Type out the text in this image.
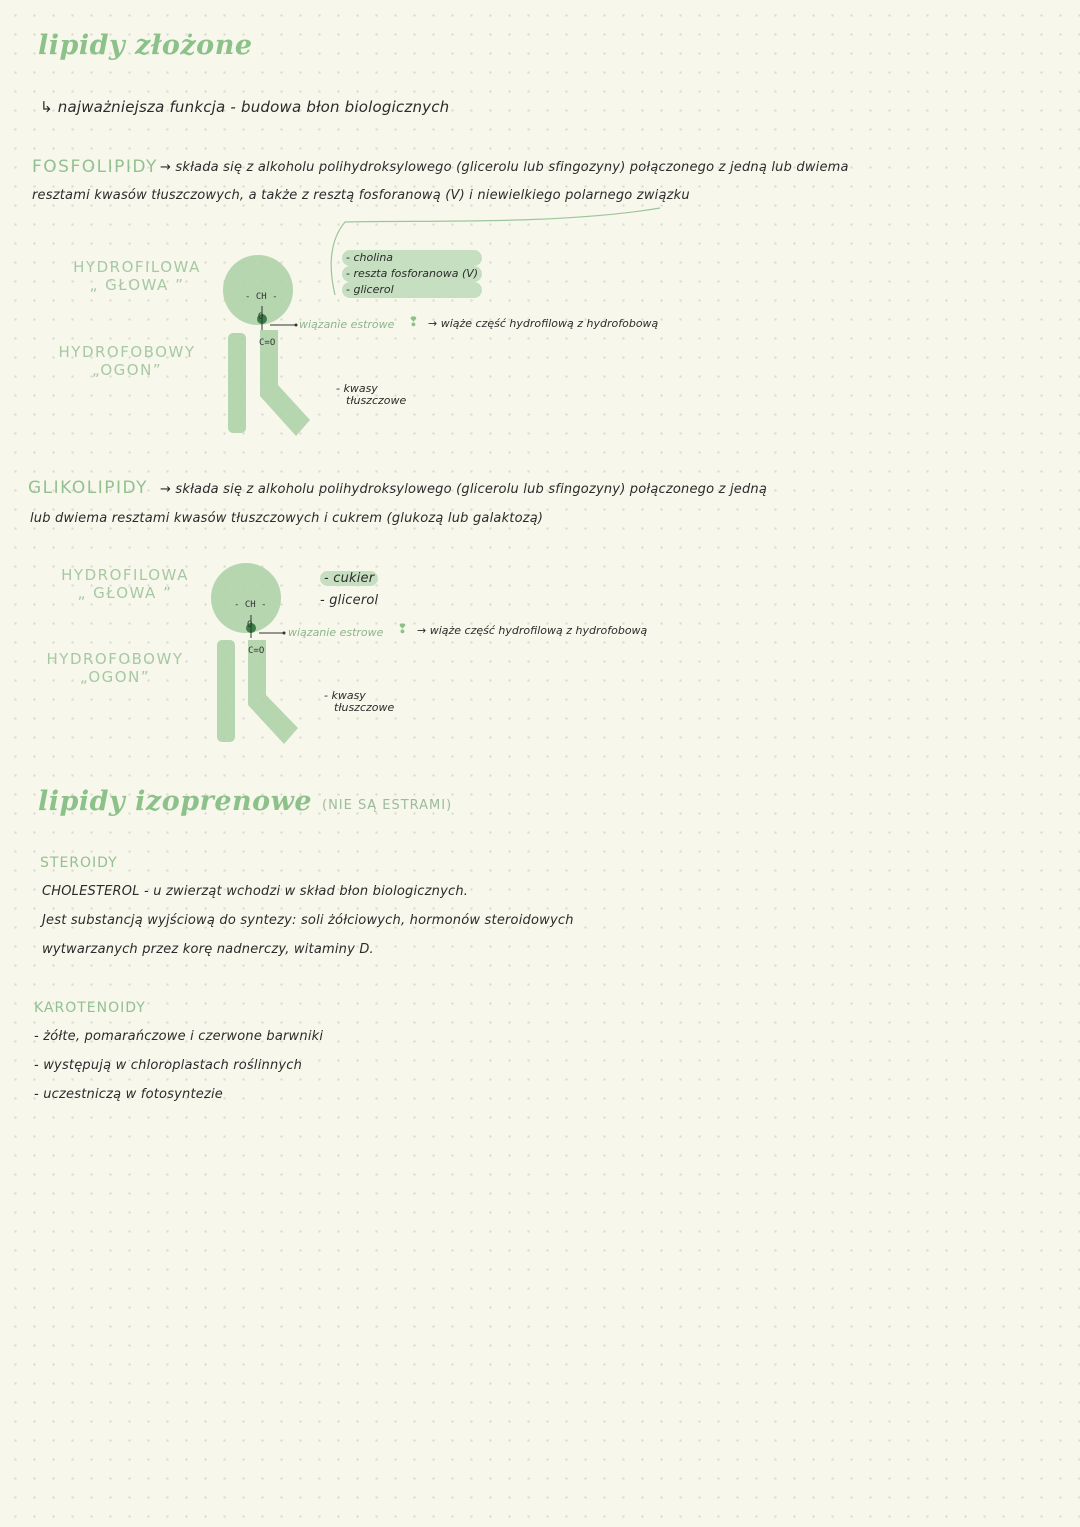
lipidy złożone
↳ najważniejsza funkcja - budowa błon biologicznych
FOSFOLIPIDY → składa się z alkoholu polihydroksylowego (glicerolu lub sfingozyny) połączonego z jedną lub dwiema
resztami kwasów tłuszczowych, a także z resztą fosforanową (V) i niewielkiego polarnego związku
HYDROFILOWA
„ GŁOWA ”
HYDROFOBOWY
„OGON”
- CH -
O
C=O
- cholina
- reszta fosforanowa (V)
- glicerol
wiązanie estrowe ❢ → wiąże część hydrofilową z hydrofobową
- kwasy
tłuszczowe
GLIKOLIPIDY → składa się z alkoholu polihydroksylowego (glicerolu lub sfingozyny) połączonego z jedną
lub dwiema resztami kwasów tłuszczowych i cukrem (glukozą lub galaktozą)
HYDROFILOWA
„ GŁOWA ”
HYDROFOBOWY
„OGON”
- CH -
O
C=O
- cukier
- glicerol
wiązanie estrowe ❢ → wiąże część hydrofilową z hydrofobową
- kwasy
tłuszczowe
lipidy izoprenowe (NIE SĄ ESTRAMI)
STEROIDY
CHOLESTEROL - u zwierząt wchodzi w skład błon biologicznych.
Jest substancją wyjściową do syntezy: soli żółciowych, hormonów steroidowych
wytwarzanych przez korę nadnerczy, witaminy D.
KAROTENOIDY
- żółte, pomarańczowe i czerwone barwniki
- występują w chloroplastach roślinnych
- uczestniczą w fotosyntezie
